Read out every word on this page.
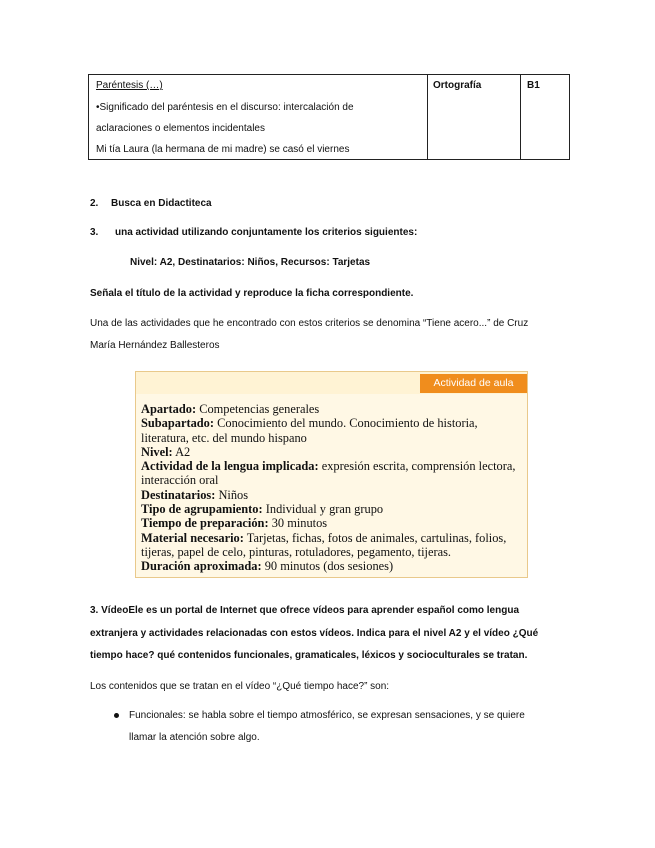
Paréntesis (…)
•Significado del paréntesis en el discurso: intercalación de
aclaraciones o elementos incidentales
Mi tía Laura (la hermana de mi madre) se casó el viernes
Ortografía	B1
2. Busca en Didactiteca
3. una actividad utilizando conjuntamente los criterios siguientes:
Nivel: A2, Destinatarios: Niños, Recursos: Tarjetas
Señala el título de la actividad y reproduce la ficha correspondiente.
Una de las actividades que he encontrado con estos criterios se denomina “Tiene acero...” de Cruz
María Hernández Ballesteros
Actividad de aula
Apartado: Competencias generales
Subapartado: Conocimiento del mundo. Conocimiento de historia,
literatura, etc. del mundo hispano
Nivel: A2
Actividad de la lengua implicada: expresión escrita, comprensión lectora,
interacción oral
Destinatarios: Niños
Tipo de agrupamiento: Individual y gran grupo
Tiempo de preparación: 30 minutos
Material necesario: Tarjetas, fichas, fotos de animales, cartulinas, folios,
tijeras, papel de celo, pinturas, rotuladores, pegamento, tijeras.
Duración aproximada: 90 minutos (dos sesiones)
3. VídeoEle es un portal de Internet que ofrece vídeos para aprender español como lengua
extranjera y actividades relacionadas con estos vídeos. Indica para el nivel A2 y el vídeo ¿Qué
tiempo hace? qué contenidos funcionales, gramaticales, léxicos y socioculturales se tratan.
Los contenidos que se tratan en el vídeo “¿Qué tiempo hace?” son:
Funcionales: se habla sobre el tiempo atmosférico, se expresan sensaciones, y se quiere
llamar la atención sobre algo.
